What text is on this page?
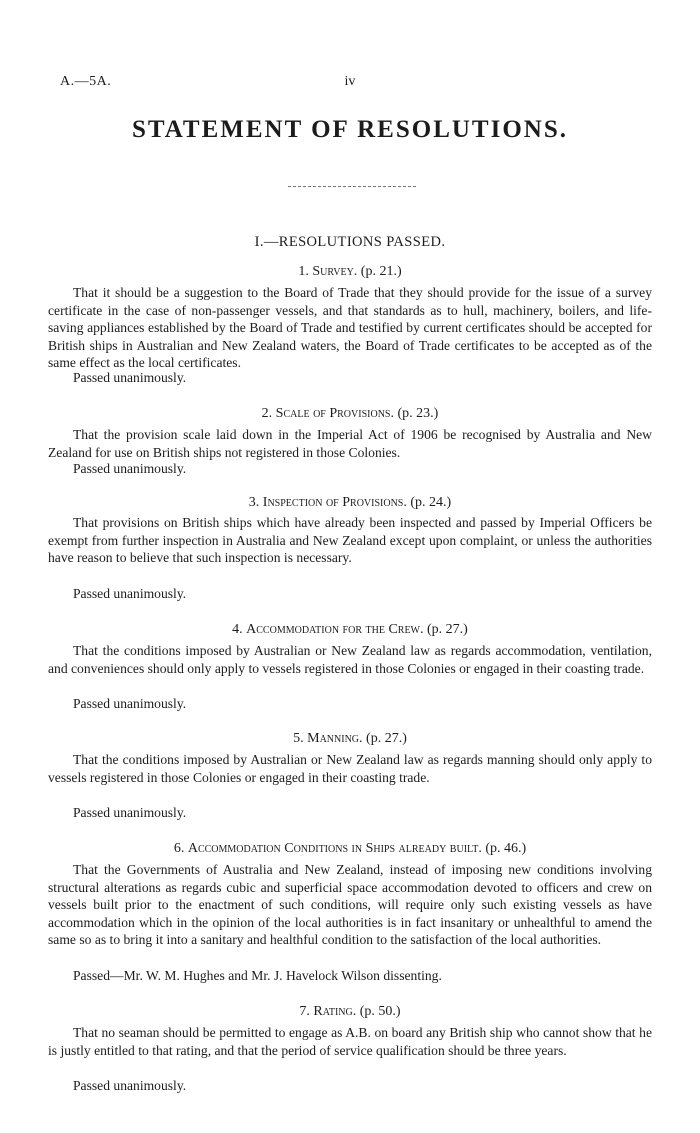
A.—5A.	iv
STATEMENT OF RESOLUTIONS.
I.—RESOLUTIONS PASSED.
1. Survey. (p. 21.)

That it should be a suggestion to the Board of Trade that they should provide for the issue of a survey certificate in the case of non-passenger vessels, and that standards as to hull, machinery, boilers, and life-saving appliances established by the Board of Trade and testified by current certificates should be accepted for British ships in Australian and New Zealand waters, the Board of Trade certificates to be accepted as of the same effect as the local certificates.

Passed unanimously.
2. Scale of Provisions. (p. 23.)

That the provision scale laid down in the Imperial Act of 1906 be recognised by Australia and New Zealand for use on British ships not registered in those Colonies.

Passed unanimously.
3. Inspection of Provisions. (p. 24.)

That provisions on British ships which have already been inspected and passed by Imperial Officers be exempt from further inspection in Australia and New Zealand except upon complaint, or unless the authorities have reason to believe that such inspection is necessary.

Passed unanimously.
4. Accommodation for the Crew. (p. 27.)

That the conditions imposed by Australian or New Zealand law as regards accommodation, ventilation, and conveniences should only apply to vessels registered in those Colonies or engaged in their coasting trade.

Passed unanimously.
5. Manning. (p. 27.)

That the conditions imposed by Australian or New Zealand law as regards manning should only apply to vessels registered in those Colonies or engaged in their coasting trade.

Passed unanimously.
6. Accommodation Conditions in Ships already built. (p. 46.)

That the Governments of Australia and New Zealand, instead of imposing new conditions involving structural alterations as regards cubic and superficial space accommodation devoted to officers and crew on vessels built prior to the enactment of such conditions, will require only such existing vessels as have accommodation which in the opinion of the local authorities is in fact insanitary or unhealthful to amend the same so as to bring it into a sanitary and healthful condition to the satisfaction of the local authorities.

Passed—Mr. W. M. Hughes and Mr. J. Havelock Wilson dissenting.
7. Rating. (p. 50.)

That no seaman should be permitted to engage as A.B. on board any British ship who cannot show that he is justly entitled to that rating, and that the period of service qualification should be three years.

Passed unanimously.
